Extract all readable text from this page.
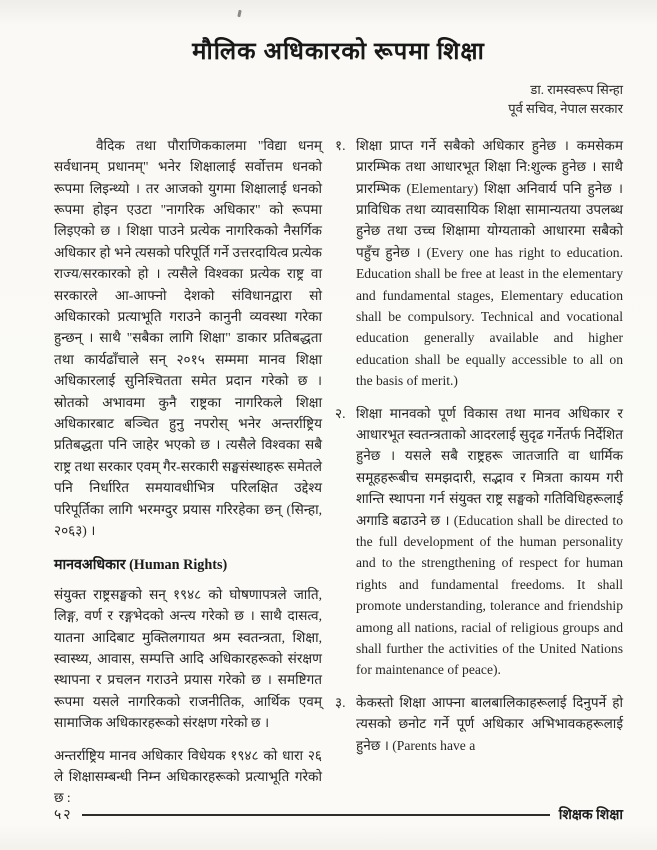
मौलिक अधिकारको रूपमा शिक्षा
डा. रामस्वरूप सिन्हा
पूर्व सचिव, नेपाल सरकार

वैदिक तथा पौराणिककालमा "विद्या धनम् सर्वधानम् प्रधानम्" भनेर शिक्षालाई सर्वोत्तम धनको रूपमा लिइन्थ्यो । तर आजको युगमा शिक्षालाई धनको रूपमा होइन एउटा "नागरिक अधिकार" को रूपमा लिइएको छ । शिक्षा पाउने प्रत्येक नागरिकको नैसर्गिक अधिकार हो भने त्यसको परिपूर्ति गर्ने उत्तरदायित्व प्रत्येक राज्य/सरकारको हो । त्यसैले विश्वका प्रत्येक राष्ट्र वा सरकारले आ-आफ्नो देशको संविधानद्वारा सो अधिकारको प्रत्याभूति गराउने कानुनी व्यवस्था गरेका हुन्छन् । साथै "सबैका लागि शिक्षा" डाकार प्रतिबद्धता तथा कार्यढाँचाले सन् २०१५ सम्ममा मानव शिक्षा अधिकारलाई सुनिश्चितता समेत प्रदान गरेको छ । स्रोतको अभावमा कुनै राष्ट्रका नागरिकले शिक्षा अधिकारबाट बञ्चित हुनु नपरोस् भनेर अन्तर्राष्ट्रिय प्रतिबद्धता पनि जाहेर भएको छ । त्यसैले विश्वका सबै राष्ट्र तथा सरकार एवम् गैर-सरकारी सङ्घसंस्थाहरू समेतले पनि निर्धारित समयावधीभित्र परिलक्षित उद्देश्य परिपूर्तिका लागि भरमग्दुर प्रयास गरिरहेका छन् (सिन्हा, २०६३) ।

मानवअधिकार (Human Rights)

संयुक्त राष्ट्रसङ्घको सन् १९४८ को घोषणापत्रले जाति, लिङ्ग, वर्ण र रङ्गभेदको अन्त्य गरेको छ । साथै दासत्व, यातना आदिबाट मुक्तिलगायत श्रम स्वतन्त्रता, शिक्षा, स्वास्थ्य, आवास, सम्पत्ति आदि अधिकारहरूको संरक्षण स्थापना र प्रचलन गराउने प्रयास गरेको छ । समष्टिगत रूपमा यसले नागरिकको राजनीतिक, आर्थिक एवम् सामाजिक अधिकारहरूको संरक्षण गरेको छ ।

अन्तर्राष्ट्रिय मानव अधिकार विधेयक १९४८ को धारा २६ ले शिक्षासम्बन्धी निम्न अधिकारहरूको प्रत्याभूति गरेको छ :

१. शिक्षा प्राप्त गर्ने सबैको अधिकार हुनेछ । कमसेकम प्रारम्भिक तथा आधारभूत शिक्षा नि:शुल्क हुनेछ । साथै प्रारम्भिक (Elementary) शिक्षा अनिवार्य पनि हुनेछ । प्राविधिक तथा व्यावसायिक शिक्षा सामान्यतया उपलब्ध हुनेछ तथा उच्च शिक्षामा योग्यताको आधारमा सबैको पहुँच हुनेछ । (Every one has right to education. Education shall be free at least in the elementary and fundamental stages, Elementary education shall be compulsory. Technical and vocational education generally available and higher education shall be equally accessible to all on the basis of merit.)
२. शिक्षा मानवको पूर्ण विकास तथा मानव अधिकार र आधारभूत स्वतन्त्रताको आदरलाई सुदृढ गर्नेतर्फ निर्देशित हुनेछ । यसले सबै राष्ट्रहरू जातजाति वा धार्मिक समूहहरूबीच समझदारी, सद्भाव र मित्रता कायम गरी शान्ति स्थापना गर्न संयुक्त राष्ट्र सङ्घको गतिविधिहरूलाई अगाडि बढाउने छ । (Education shall be directed to the full development of the human personality and to the strengthening of respect for human rights and fundamental freedoms. It shall promote understanding, tolerance and friendship among all nations, racial of religious groups and shall further the activities of the United Nations for maintenance of peace).
३. केकस्तो शिक्षा आफ्ना बालबालिकाहरूलाई दिनुपर्ने हो त्यसको छनोट गर्ने पूर्ण अधिकार अभिभावकहरूलाई हुनेछ । (Parents have a
५२	शिक्षक शिक्षा
